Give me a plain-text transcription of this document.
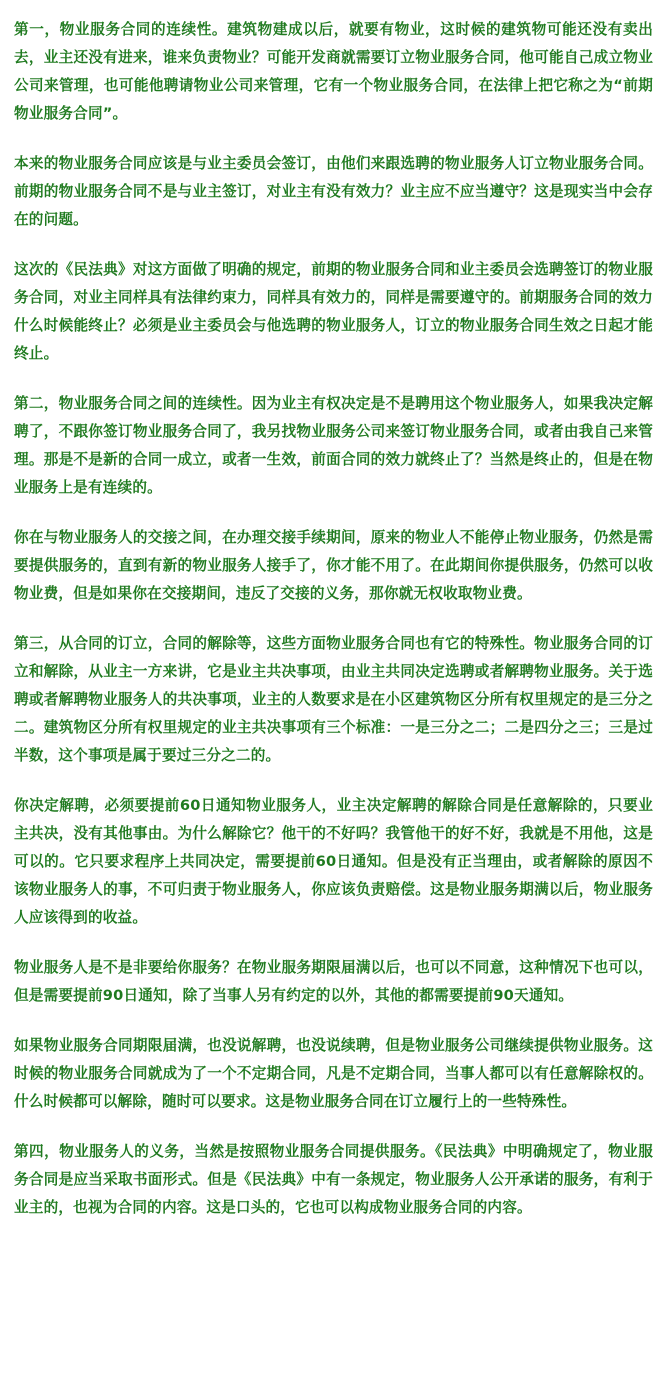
第一，物业服务合同的连续性。建筑物建成以后，就要有物业，这时候的建筑物可能还没有卖出去，业主还没有进来，谁来负责物业？可能开发商就需要订立物业服务合同，他可能自己成立物业公司来管理，也可能他聘请物业公司来管理，它有一个物业服务合同，在法律上把它称之为“前期物业服务合同”。

本来的物业服务合同应该是与业主委员会签订，由他们来跟选聘的物业服务人订立物业服务合同。前期的物业服务合同不是与业主签订，对业主有没有效力？业主应不应当遵守？这是现实当中会存在的问题。

这次的《民法典》对这方面做了明确的规定，前期的物业服务合同和业主委员会选聘签订的物业服务合同，对业主同样具有法律约束力，同样具有效力的，同样是需要遵守的。前期服务合同的效力什么时候能终止？必须是业主委员会与他选聘的物业服务人，订立的物业服务合同生效之日起才能终止。

第二，物业服务合同之间的连续性。因为业主有权决定是不是聘用这个物业服务人，如果我决定解聘了，不跟你签订物业服务合同了，我另找物业服务公司来签订物业服务合同，或者由我自己来管理。那是不是新的合同一成立，或者一生效，前面合同的效力就终止了？当然是终止的，但是在物业服务上是有连续的。

你在与物业服务人的交接之间，在办理交接手续期间，原来的物业人不能停止物业服务，仍然是需要提供服务的，直到有新的物业服务人接手了，你才能不用了。在此期间你提供服务，仍然可以收物业费，但是如果你在交接期间，违反了交接的义务，那你就无权收取物业费。

第三，从合同的订立，合同的解除等，这些方面物业服务合同也有它的特殊性。物业服务合同的订立和解除，从业主一方来讲，它是业主共决事项，由业主共同决定选聘或者解聘物业服务。关于选聘或者解聘物业服务人的共决事项，业主的人数要求是在小区建筑物区分所有权里规定的是三分之二。建筑物区分所有权里规定的业主共决事项有三个标准：一是三分之二；二是四分之三；三是过半数，这个事项是属于要过三分之二的。

你决定解聘，必须要提前60日通知物业服务人，业主决定解聘的解除合同是任意解除的，只要业主共决，没有其他事由。为什么解除它？他干的不好吗？我管他干的好不好，我就是不用他，这是可以的。它只要求程序上共同决定，需要提前60日通知。但是没有正当理由，或者解除的原因不该物业服务人的事，不可归责于物业服务人，你应该负责赔偿。这是物业服务期满以后，物业服务人应该得到的收益。

物业服务人是不是非要给你服务？在物业服务期限届满以后，也可以不同意，这种情况下也可以，但是需要提前90日通知，除了当事人另有约定的以外，其他的都需要提前90天通知。

如果物业服务合同期限届满，也没说解聘，也没说续聘，但是物业服务公司继续提供物业服务。这时候的物业服务合同就成为了一个不定期合同，凡是不定期合同，当事人都可以有任意解除权的。什么时候都可以解除，随时可以要求。这是物业服务合同在订立履行上的一些特殊性。

第四，物业服务人的义务，当然是按照物业服务合同提供服务。《民法典》中明确规定了，物业服务合同是应当采取书面形式。但是《民法典》中有一条规定，物业服务人公开承诺的服务，有利于业主的，也视为合同的内容。这是口头的，它也可以构成物业服务合同的内容。
